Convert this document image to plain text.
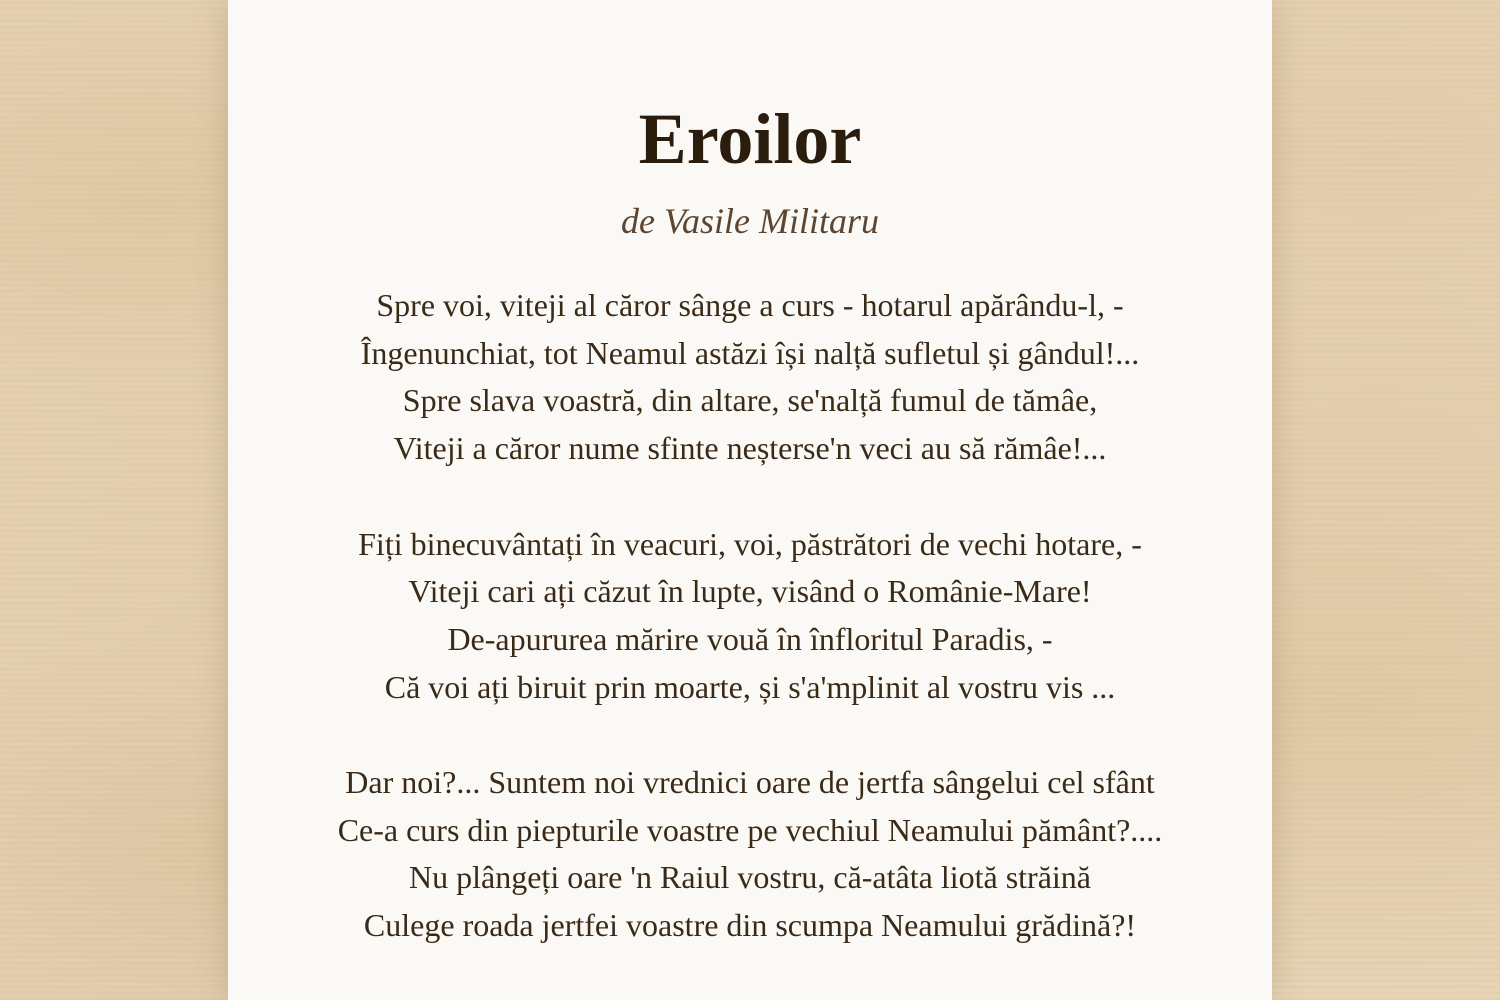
Eroilor
de Vasile Militaru
Spre voi, viteji al căror sânge a curs - hotarul apărându-l, -
Îngenunchiat, tot Neamul astăzi își nalță sufletul și gândul!...
Spre slava voastră, din altare, se'nalță fumul de tămâe,
Viteji a căror nume sfinte neșterse'n veci au să rămâe!...
Fiți binecuvântați în veacuri, voi, păstrători de vechi hotare, -
Viteji cari ați căzut în lupte, visând o Românie-Mare!
De-apururea mărire vouă în înfloritul Paradis, -
Că voi ați biruit prin moarte, și s'a'mplinit al vostru vis ...
Dar noi?... Suntem noi vrednici oare de jertfa sângelui cel sfânt
Ce-a curs din piepturile voastre pe vechiul Neamului pământ?....
Nu plângeți oare 'n Raiul vostru, că-atâta liotă străină
Culege roada jertfei voastre din scumpa Neamului grădină?!
